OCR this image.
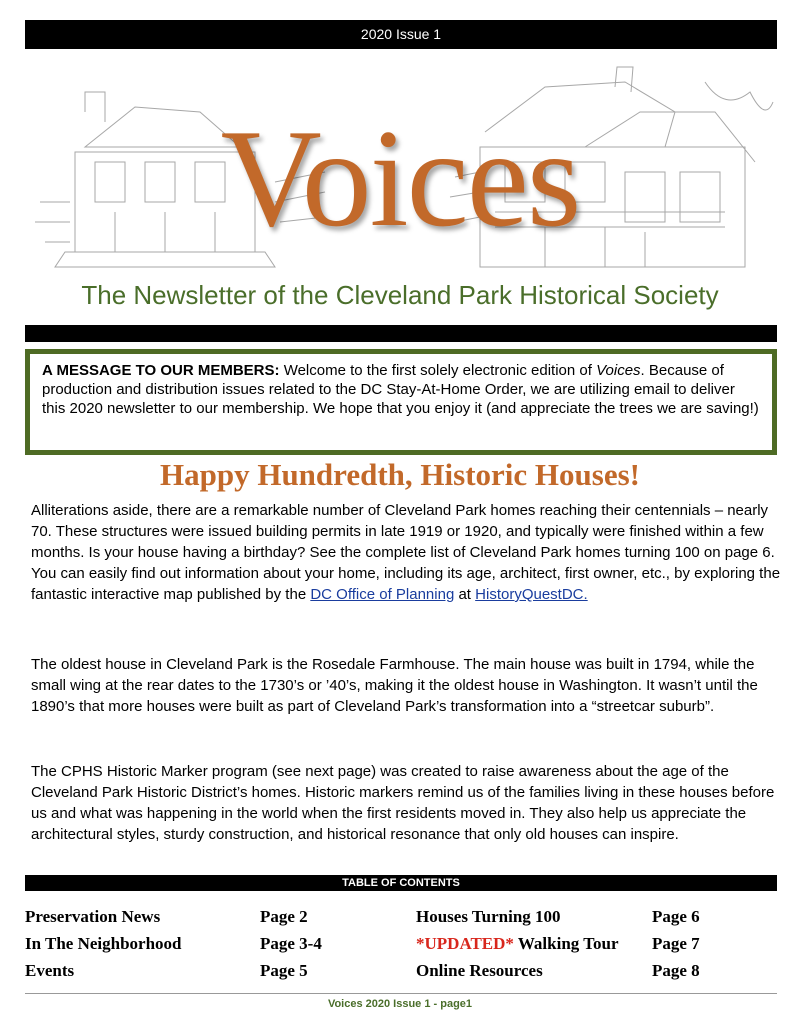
2020 Issue 1
Voices
The Newsletter of the Cleveland Park Historical Society
A MESSAGE TO OUR MEMBERS: Welcome to the first solely electronic edition of Voices. Because of production and distribution issues related to the DC Stay-At-Home Order, we are utilizing email to deliver this 2020 newsletter to our membership. We hope that you enjoy it (and appreciate the trees we are saving!)
Happy Hundredth, Historic Houses!

Alliterations aside, there are a remarkable number of Cleveland Park homes reaching their centennials – nearly 70. These structures were issued building permits in late 1919 or 1920, and typically were finished within a few months. Is your house having a birthday? See the complete list of Cleveland Park homes turning 100 on page 6. You can easily find out information about your home, including its age, architect, first owner, etc., by exploring the fantastic interactive map published by the DC Office of Planning at HistoryQuestDC.

The oldest house in Cleveland Park is the Rosedale Farmhouse. The main house was built in 1794, while the small wing at the rear dates to the 1730’s or ’40’s, making it the oldest house in Washington. It wasn’t until the 1890’s that more houses were built as part of Cleveland Park’s transformation into a “streetcar suburb”.

The CPHS Historic Marker program (see next page) was created to raise awareness about the age of the Cleveland Park Historic District’s homes. Historic markers remind us of the families living in these houses before us and what was happening in the world when the first residents moved in. They also help us appreciate the architectural styles, sturdy construction, and historical resonance that only old houses can inspire.

TABLE OF CONTENTS
Preservation News	Page 2
In The Neighborhood	Page 3-4
Events	Page 5
Houses Turning 100	Page 6
*UPDATED* Walking Tour Page 7
Online Resources	Page 8
Voices 2020 Issue 1 - page1
